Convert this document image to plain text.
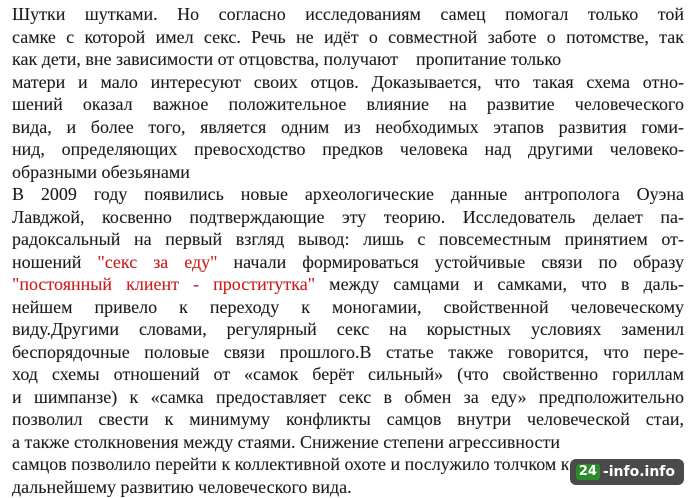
Шутки шутками. Но согласно исследованиям самец помогал только той
самке с которой имел секс. Речь не идёт о совместной заботе о потомстве, так
как дети, вне зависимости от отцовства, получают    пропитание только
матери и мало интересуют своих отцов. Доказывается, что такая схема отно-
шений оказал важное положительное влияние на развитие человеческого
вида, и более того, является одним из необходимых этапов развития гоми-
нид, определяющих превосходство предков человека над другими человеко-
образными обезьянами
В 2009 году появились новые археологические данные антрополога Оуэна
Лавджой, косвенно подтверждающие эту теорию. Исследователь делает па-
радоксальный на первый взгляд вывод: лишь с повсеместным принятием от-
ношений "секс за еду" начали формироваться устойчивые связи по образу
"постоянный клиент - проститутка" между самцами и самками, что в даль-
нейшем привело к переходу к моногамии, свойственной человеческому
виду.Другими словами, регулярный секс на корыстных условиях заменил
беспорядочные половые связи прошлого.В статье также говорится, что пере-
ход схемы отношений от «самок берёт сильный» (что свойственно гориллам
и шимпанзе) к «самка предоставляет секс в обмен за еду» предположительно
позволил свести к минимуму конфликты самцов внутри человеческой стаи,
а также столкновения между стаями. Снижение степени агрессивности
самцов позволило перейти к коллективной охоте и послужило толчком к
дальнейшему развитию человеческого вида.
24 -info.info
